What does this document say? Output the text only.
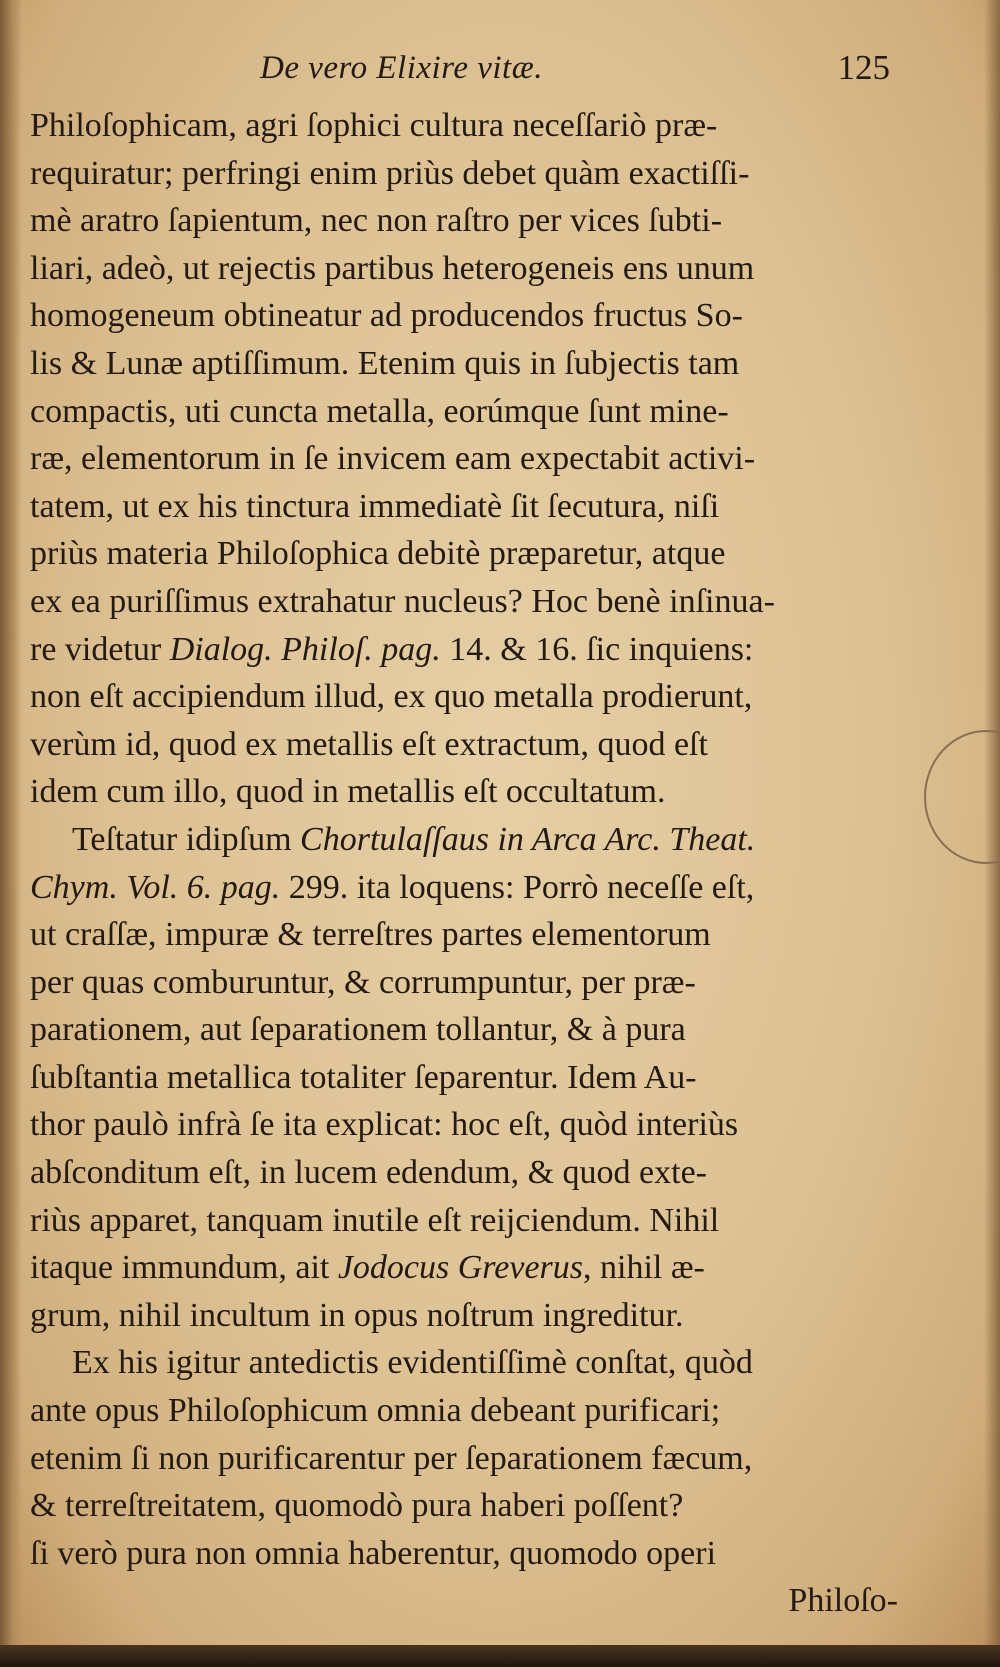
De vero Elixire vitæ.	125
Philoſophicam, agri ſophici cultura neceſſariò præ-
requiratur; perfringi enim priùs debet quàm exactiſſi-
mè aratro ſapientum, nec non raſtro per vices ſubti-
liari, adeò, ut rejectis partibus heterogeneis ens unum
homogeneum obtineatur ad producendos fructus So-
lis & Lunæ aptiſſimum. Etenim quis in ſubjectis tam
compactis, uti cuncta metalla, eorúmque ſunt mine-
ræ, elementorum in ſe invicem eam expectabit activi-
tatem, ut ex his tinctura immediatè ſit ſecutura, niſi
priùs materia Philoſophica debitè præparetur, atque
ex ea puriſſimus extrahatur nucleus? Hoc benè inſinua-
re videtur Dialog. Philoſ. pag. 14. & 16. ſic inquiens:
non eſt accipiendum illud, ex quo metalla prodierunt,
verùm id, quod ex metallis eſt extractum, quod eſt
idem cum illo, quod in metallis eſt occultatum.
Teſtatur idipſum Chortulaſſaus in Arca Arc. Theat.
Chym. Vol. 6. pag. 299. ita loquens: Porrò neceſſe eſt,
ut craſſæ, impuræ & terreſtres partes elementorum
per quas comburuntur, & corrumpuntur, per præ-
parationem, aut ſeparationem tollantur, & à pura
ſubſtantia metallica totaliter ſeparentur. Idem Au-
thor paulò infrà ſe ita explicat: hoc eſt, quòd interiùs
abſconditum eſt, in lucem edendum, & quod exte-
riùs apparet, tanquam inutile eſt reijciendum. Nihil
itaque immundum, ait Jodocus Greverus, nihil æ-
grum, nihil incultum in opus noſtrum ingreditur.
Ex his igitur antedictis evidentiſſimè conſtat, quòd
ante opus Philoſophicum omnia debeant purificari;
etenim ſi non purificarentur per ſeparationem fæcum,
& terreſtreitatem, quomodò pura haberi poſſent?
ſi verò pura non omnia haberentur, quomodo operi
Philoſo-
